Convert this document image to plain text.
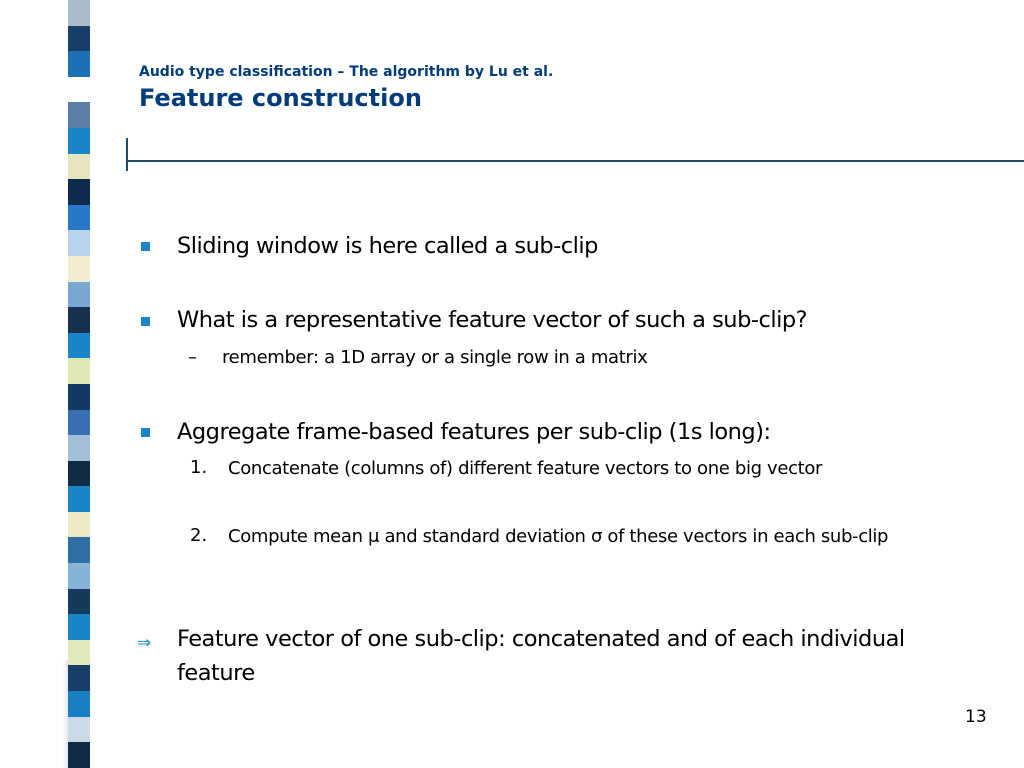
Audio type classification – The algorithm by Lu et al.
Feature construction
Sliding window is here called a sub-clip
What is a representative feature vector of such a sub-clip?
– remember: a 1D array or a single row in a matrix
Aggregate frame-based features per sub-clip (1s long):
1. Concatenate (columns of) different feature vectors to one big vector
2. Compute mean μ and standard deviation σ of these vectors in each sub-clip
⇒ Feature vector of one sub-clip: concatenated and of each individual feature
13
